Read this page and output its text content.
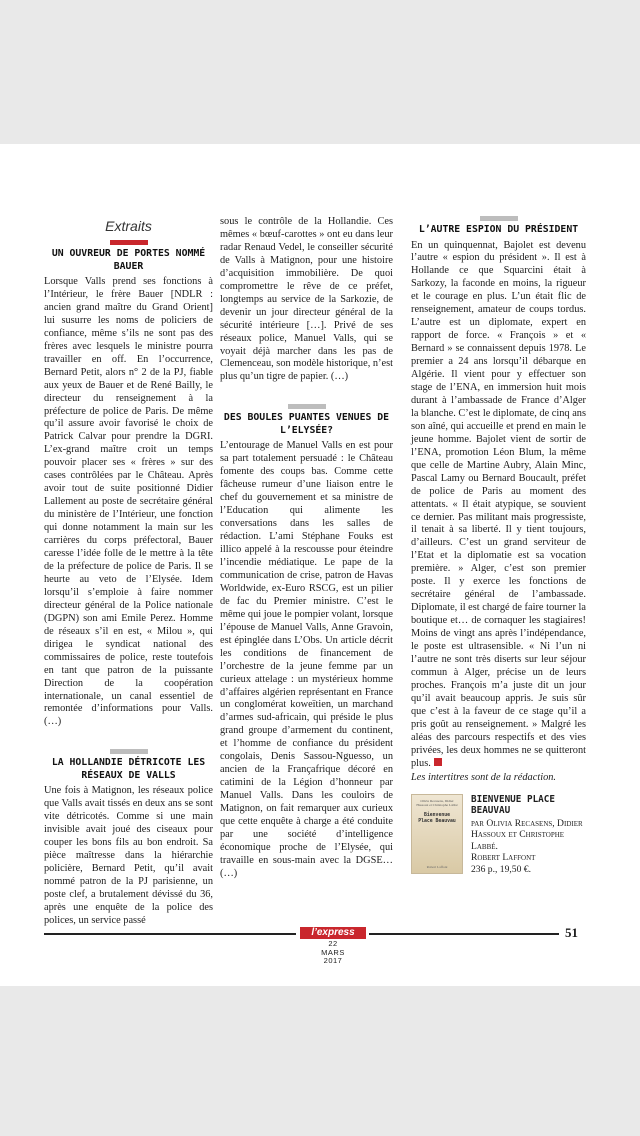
Extraits
UN OUVREUR DE PORTES NOMMÉ BAUER

Lorsque Valls prend ses fonctions à l’Intérieur, le frère Bauer [NDLR : ancien grand maître du Grand Orient] lui susurre les noms de policiers de confiance, même s’ils ne sont pas des frères avec lesquels le ministre pourra travailler en off. En l’occurrence, Bernard Petit, alors n° 2 de la PJ, fiable aux yeux de Bauer et de René Bailly, le directeur du renseignement à la préfecture de police de Paris. De même qu’il assure avoir favorisé le choix de Patrick Calvar pour prendre la DGRI. L’ex-grand maître croit un temps pouvoir placer ses « frères » sur des cases contrôlées par le Château. Après avoir tout de suite positionné Didier Lallement au poste de secrétaire général du ministère de l’Intérieur, une fonction qui donne notamment la main sur les carrières du corps préfectoral, Bauer caresse l’idée folle de le mettre à la tête de la préfecture de police de Paris. Il se heurte au veto de l’Elysée. Idem lorsqu’il s’emploie à faire nommer directeur général de la Police nationale (DGPN) son ami Emile Perez. Homme de réseaux s’il en est, « Milou », qui dirigea le syndicat national des commissaires de police, reste toutefois en tant que patron de la puissante Direction de la coopération internationale, un canal essentiel de remontée d’informations pour Valls. (…)

LA HOLLANDIE DÉTRICOTE LES RÉSEAUX DE VALLS

Une fois à Matignon, les réseaux police que Valls avait tissés en deux ans se sont vite détricotés. Comme si une main invisible avait joué des ciseaux pour couper les bons fils au bon endroit. Sa pièce maîtresse dans la hiérarchie policière, Bernard Petit, qu’il avait nommé patron de la PJ parisienne, un poste clef, a brutalement dévissé du 36, après une enquête de la police des polices, un service passé

sous le contrôle de la Hollandie. Ces mêmes « bœuf-carottes » ont eu dans leur radar Renaud Vedel, le conseiller sécurité de Valls à Matignon, pour une histoire d’acquisition immobilière. De quoi compromettre le rêve de ce préfet, longtemps au service de la Sarkozie, de devenir un jour directeur général de la sécurité intérieure […]. Privé de ses réseaux police, Manuel Valls, qui se voyait déjà marcher dans les pas de Clemenceau, son modèle historique, n’est plus qu’un tigre de papier. (…)

DES BOULES PUANTES VENUES DE L’ELYSÉE?

L’entourage de Manuel Valls en est pour sa part totalement persuadé : le Château fomente des coups bas. Comme cette fâcheuse rumeur d’une liaison entre le chef du gouvernement et sa ministre de l’Education qui alimente les conversations dans les salles de rédaction. L’ami Stéphane Fouks est illico appelé à la rescousse pour éteindre l’incendie médiatique. Le pape de la communication de crise, patron de Havas Worldwide, ex-Euro RSCG, est un pilier de fac du Premier ministre. C’est le même qui joue le pompier volant, lorsque l’épouse de Manuel Valls, Anne Gravoin, est épinglée dans L’Obs. Un article décrit les conditions de financement de l’orchestre de la jeune femme par un curieux attelage : un mystérieux homme d’affaires algérien représentant en France un conglomérat koweïtien, un marchand d’armes sud-africain, qui préside le plus grand groupe d’armement du continent, et l’homme de confiance du président congolais, Denis Sassou-Nguesso, un ancien de la Françafrique décoré en catimini de la Légion d’honneur par Manuel Valls. Dans les couloirs de Matignon, on fait remarquer aux curieux que cette enquête à charge a été conduite par une société d’intelligence économique proche de l’Elysée, qui travaille en sous-main avec la DGSE… (…)

L’AUTRE ESPION DU PRÉSIDENT

En un quinquennat, Bajolet est devenu l’autre « espion du président ». Il est à Hollande ce que Squarcini était à Sarkozy, la faconde en moins, la rigueur et le courage en plus. L’un était flic de renseignement, amateur de coups tordus. L’autre est un diplomate, expert en rapport de force. « François » et « Bernard » se connaissent depuis 1978. Le premier a 24 ans lorsqu’il débarque en Algérie. Il vient pour y effectuer son stage de l’ENA, en immersion huit mois durant à l’ambassade de France d’Alger la blanche. C’est le diplomate, de cinq ans son aîné, qui accueille et prend en main le jeune homme. Bajolet vient de sortir de l’ENA, promotion Léon Blum, la même que celle de Martine Aubry, Alain Minc, Pascal Lamy ou Bernard Boucault, préfet de police de Paris au moment des attentats. « Il était atypique, se souvient ce dernier. Pas militant mais progressiste, il tenait à sa liberté. Il y tient toujours, d’ailleurs. C’est un grand serviteur de l’Etat et la diplomatie est sa vocation première. » Alger, c’est son premier poste. Il y exerce les fonctions de secrétaire général de l’ambassade. Diplomate, il est chargé de faire tourner la boutique et… de cornaquer les stagiaires! Moins de vingt ans après l’indépendance, le poste est ultrasensible. « Ni l’un ni l’autre ne sont très diserts sur leur séjour commun à Alger, précise un de leurs proches. François m’a juste dit un jour qu’il avait beaucoup appris. Je suis sûr que c’est à la faveur de ce stage qu’il a pris goût au renseignement. » Malgré les aléas des parcours respectifs et des vies privées, les deux hommes ne se quitteront plus.

Les intertitres sont de la rédaction.

Olivia Recasens, Didier Hassoux et Christophe Labbé
Bienvenue Place Beauvau
Robert Laffont
BIENVENUE PLACE BEAUVAU
par Olivia Recasens, Didier Hassoux et Christophe Labbé.
Robert Laffont
236 p., 19,50 €.
l’express
22
MARS
2017
51
